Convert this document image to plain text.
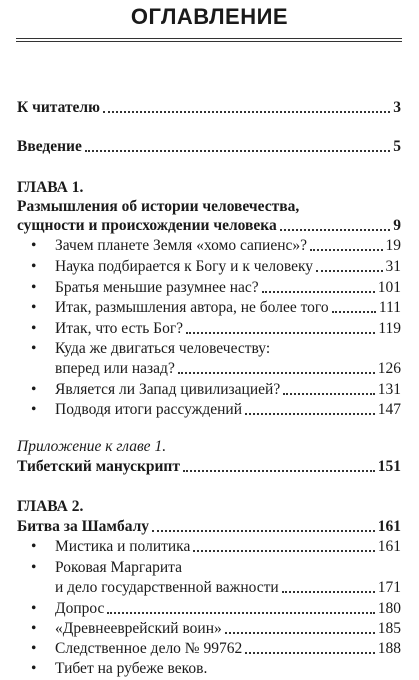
ОГЛАВЛЕНИЕ
К читателю	3
Введение	5
ГЛАВА 1.
Размышления об истории человечества,
сущности и происхождении человека	9
•	Зачем планете Земля «хомо сапиенс»?	19
•	Наука подбирается к Богу и к человеку	31
•	Братья меньшие разумнее нас?	101
•	Итак, размышления автора, не более того	111
•	Итак, что есть Бог?	119
•	Куда же двигаться человечеству:
вперед или назад?	126
•	Является ли Запад цивилизацией?	131
•	Подводя итоги рассуждений	147
Приложение к главе 1.
Тибетский манускрипт	151
ГЛАВА 2.
Битва за Шамбалу	161
•	Мистика и политика	161
•	Роковая Маргарита
и дело государственной важности	171
•	Допрос	180
•	«Древнееврейский воин»	185
•	Следственное дело № 99762	188
•	Тибет на рубеже веков.
